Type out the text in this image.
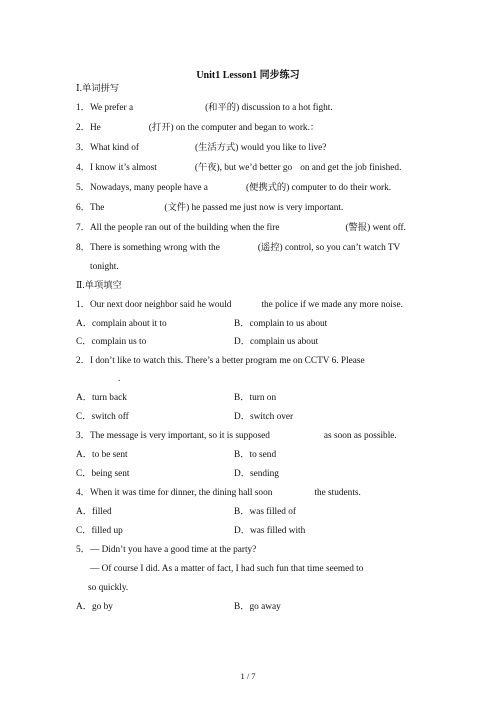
Unit1 Lesson1 同步练习
Ⅰ.单词拼写
1．We prefer a	(和平的) discussion to a hot fight.
2．He	(打开) on the computer and began to work.：
3．What kind of	(生活方式) would you like to live?
4．I know it’s almost	(午夜), but we’d better go on and get the job finished.
5．Nowadays, many people have a	(便携式的) computer to do their work.
6．The	(文件) he passed me just now is very important.
7．All the people ran out of the building when the fire	(警报) went off.
8．There is something wrong with the	(遥控) control, so you can’t watch TV
tonight.
Ⅱ.单项填空
1．Our next door neighbor said he would	the police if we made any more noise.
A．complain about it to	B．complain to us about
C．complain us to	D．complain us about
2．I don’t like to watch this. There’s a better program me on CCTV 6. Please
.
A．turn back	B．turn on
C．switch off	D．switch over
3．The message is very important, so it is supposed	as soon as possible.
A．to be sent	B．to send
C．being sent	D．sending
4．When it was time for dinner, the dining hall soon	the students.
A．filled	B．was filled of
C．filled up	D．was filled with
5．— Didn’t you have a good time at the party?
— Of course I did. As a matter of fact, I had such fun that time seemed to
so quickly.
A．go by	B．go away
1 / 7
